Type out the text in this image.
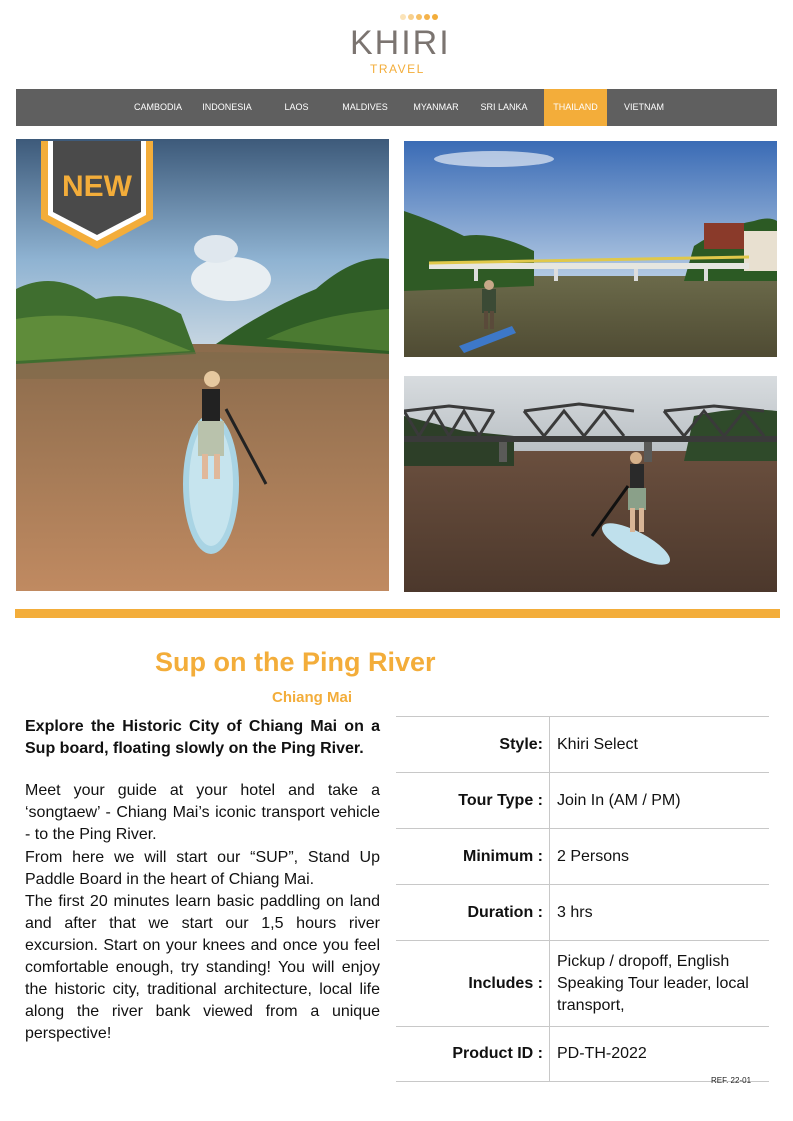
KHIRI
TRAVEL
CAMBODIA	INDONESIA	LAOS	MALDIVES	MYANMAR	SRI LANKA	THAILAND	VIETNAM
NEW
Sup on the Ping River
Chiang Mai
Explore the Historic City of Chiang Mai on a Sup board, floating slowly on the Ping River.
Meet your guide at your hotel and take a ‘songtaew’ - Chiang Mai’s iconic transport vehicle - to the Ping River.
From here we will start our “SUP”, Stand Up Paddle Board in the heart of Chiang Mai.
The first 20 minutes learn basic paddling on land and after that we start our 1,5 hours river excursion. Start on your knees and once you feel comfortable enough, try standing! You will enjoy the historic city, traditional architecture, local life along the river bank viewed from a unique perspective!
Style: Khiri Select
Tour Type : Join In (AM / PM)
Minimum : 2 Persons
Duration : 3 hrs
Includes :
Pickup / dropoff, English Speaking Tour leader, local transport,
Product ID : PD-TH-2022
REF. 22-01
